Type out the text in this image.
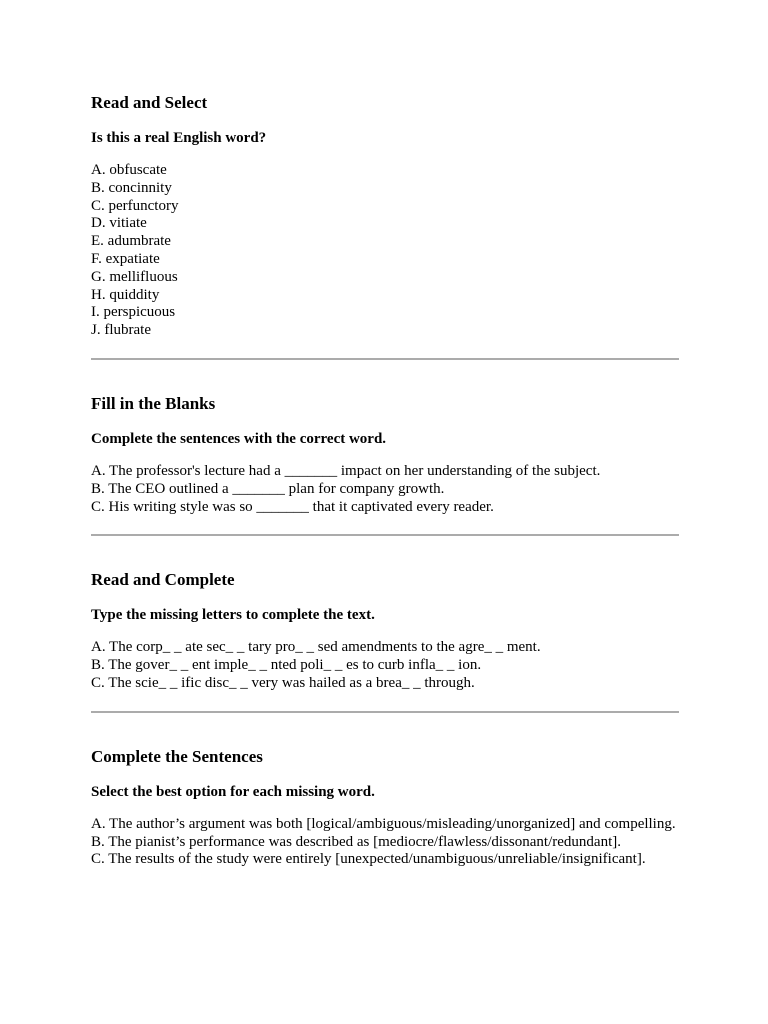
Read and Select

Is this a real English word?

A. obfuscate
B. concinnity
C. perfunctory
D. vitiate
E. adumbrate
F. expatiate
G. mellifluous
H. quiddity
I. perspicuous
J. flubrate
Fill in the Blanks

Complete the sentences with the correct word.

A. The professor's lecture had a _______ impact on her understanding of the subject.
B. The CEO outlined a _______ plan for company growth.
C. His writing style was so _______ that it captivated every reader.
Read and Complete

Type the missing letters to complete the text.

A. The corp_ _ ate sec_ _ tary pro_ _ sed amendments to the agre_ _ ment.
B. The gover_ _ ent imple_ _ nted poli_ _ es to curb infla_ _ ion.
C. The scie_ _ ific disc_ _ very was hailed as a brea_ _ through.
Complete the Sentences

Select the best option for each missing word.

A. The author’s argument was both [logical/ambiguous/misleading/unorganized] and compelling.
B. The pianist’s performance was described as [mediocre/flawless/dissonant/redundant].
C. The results of the study were entirely [unexpected/unambiguous/unreliable/insignificant].
